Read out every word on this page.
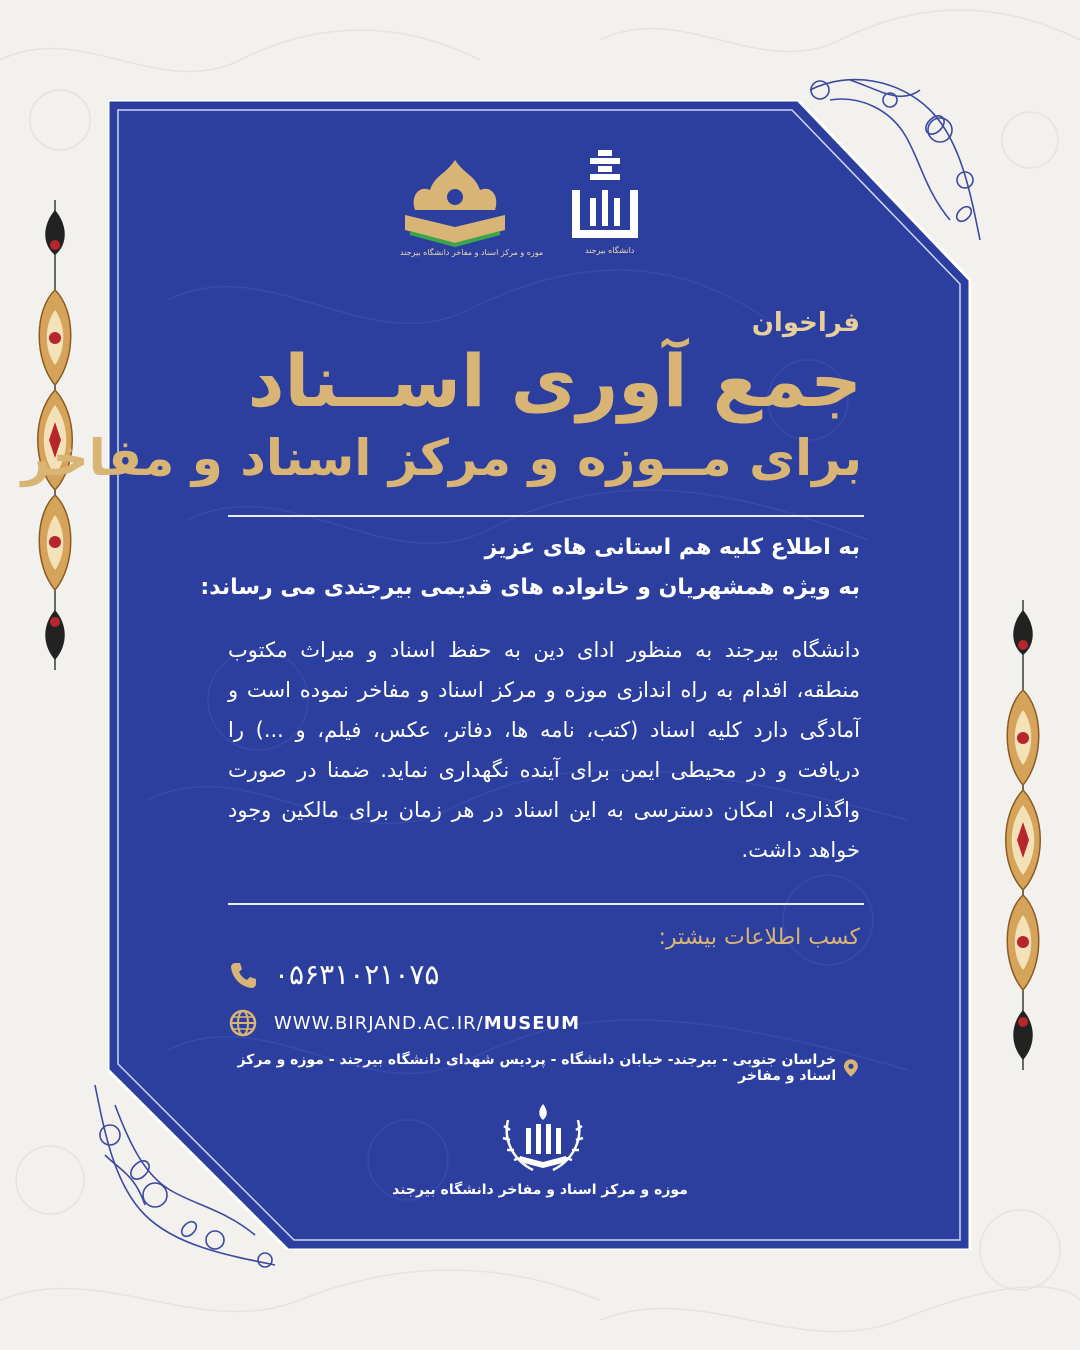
موزه و مرکز اسناد و مفاخر دانشگاه بیرجند	دانشگاه بیرجند
فراخوان
جمع آوری اســناد
برای مــوزه و مرکز اسناد و مفاخر
به اطلاع کلیه هم استانی های عزیز
به ویژه همشهریان و خانواده های قدیمی بیرجندی می رساند:
دانشگاه بیرجند به منظور ادای دین به حفظ اسناد و میراث مکتوب منطقه، اقدام به راه اندازی موزه و مرکز اسناد و مفاخر نموده است و آمادگی دارد کلیه اسناد (کتب، نامه ها، دفاتر، عکس، فیلم، و ...) را دریافت و در محیطی ایمن برای آینده نگهداری نماید. ضمنا در صورت واگذاری، امکان دسترسی به این اسناد در هر زمان برای مالکین وجود خواهد داشت.
کسب اطلاعات بیشتر:
۰۵۶۳۱۰۲۱۰۷۵
WWW.BIRJAND.AC.IR/MUSEUM
خراسان جنوبی - بیرجند- خیابان دانشگاه - پردیس شهدای دانشگاه بیرجند - موزه و مرکز اسناد و مفاخر
موزه و مرکز اسناد و مفاخر دانشگاه بیرجند
